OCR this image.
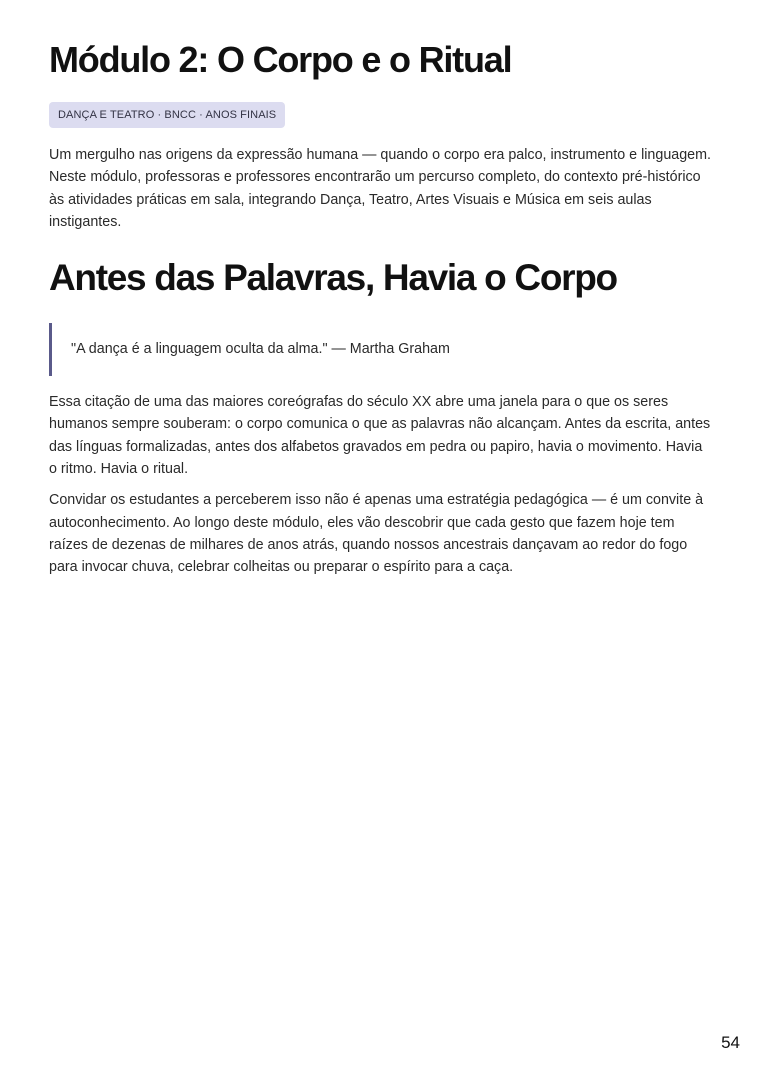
Módulo 2: O Corpo e o Ritual
DANÇA E TEATRO · BNCC · ANOS FINAIS

Um mergulho nas origens da expressão humana — quando o corpo era palco, instrumento e linguagem. Neste módulo, professoras e professores encontrarão um percurso completo, do contexto pré-histórico às atividades práticas em sala, integrando Dança, Teatro, Artes Visuais e Música em seis aulas instigantes.

Antes das Palavras, Havia o Corpo
"A dança é a linguagem oculta da alma." — Martha Graham

Essa citação de uma das maiores coreógrafas do século XX abre uma janela para o que os seres humanos sempre souberam: o corpo comunica o que as palavras não alcançam. Antes da escrita, antes das línguas formalizadas, antes dos alfabetos gravados em pedra ou papiro, havia o movimento. Havia o ritmo. Havia o ritual.

Convidar os estudantes a perceberem isso não é apenas uma estratégia pedagógica — é um convite à autoconhecimento. Ao longo deste módulo, eles vão descobrir que cada gesto que fazem hoje tem raízes de dezenas de milhares de anos atrás, quando nossos ancestrais dançavam ao redor do fogo para invocar chuva, celebrar colheitas ou preparar o espírito para a caça.

54
